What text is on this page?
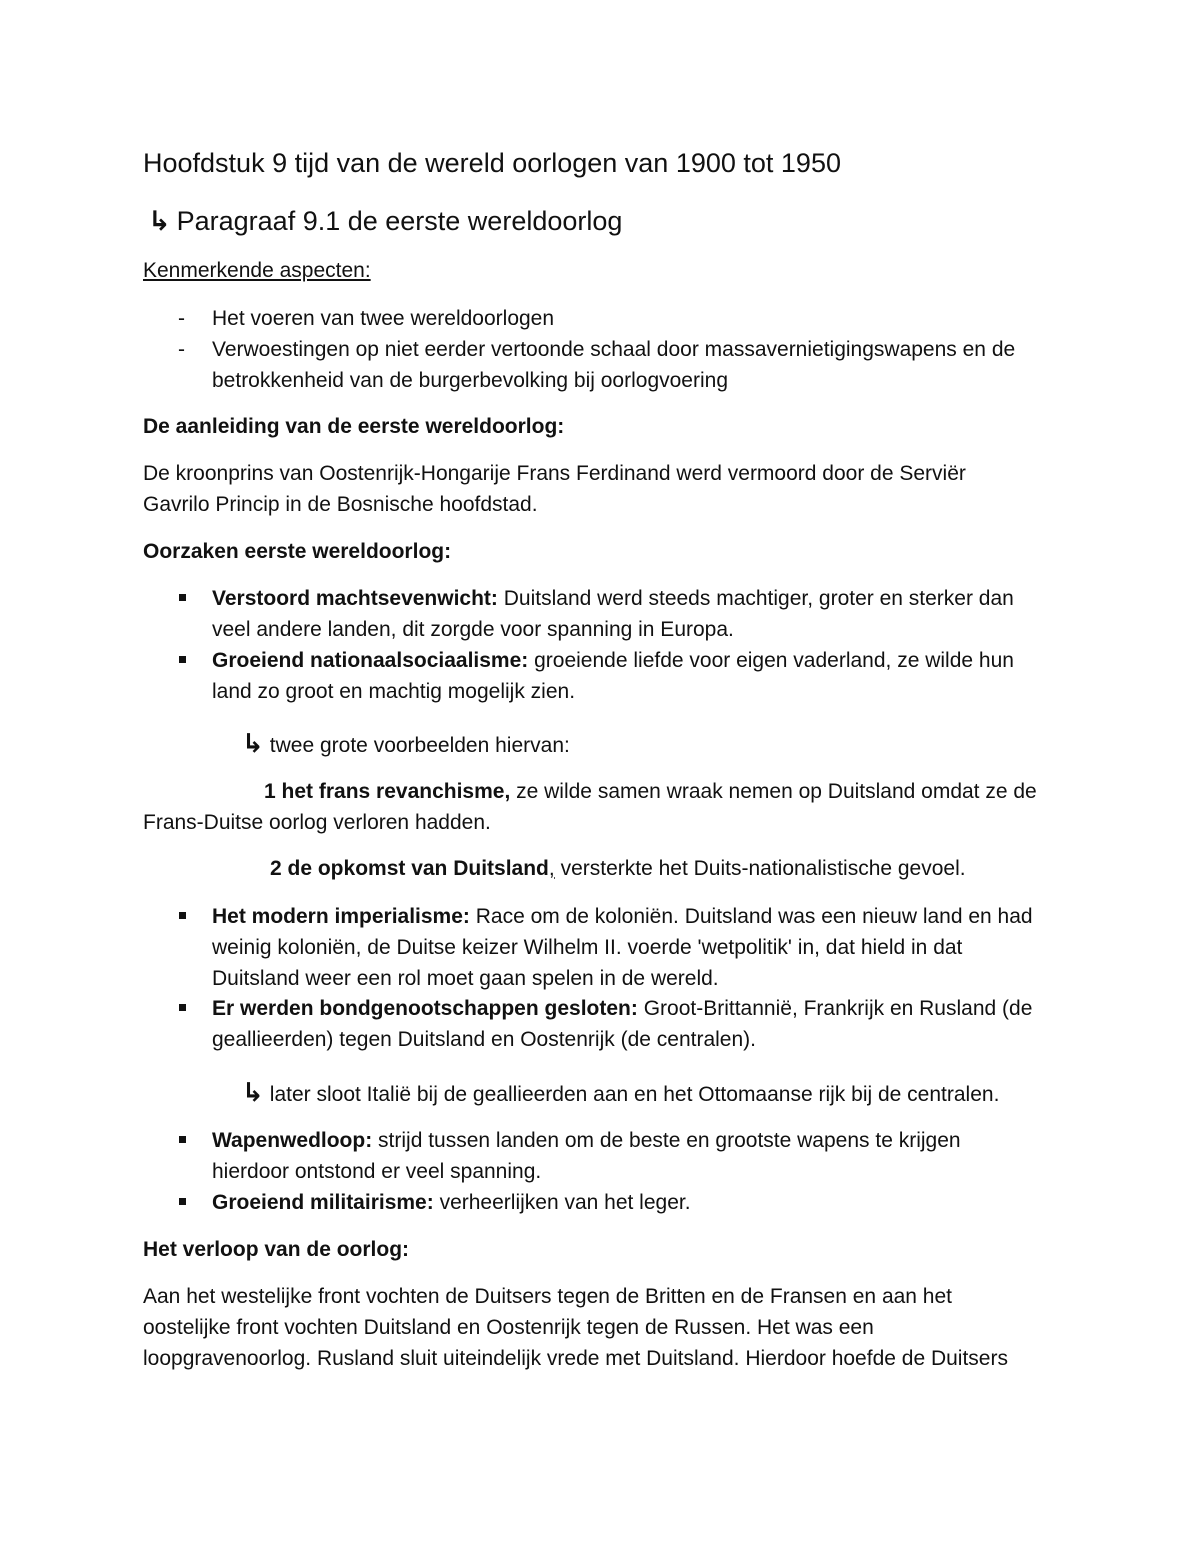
Hoofdstuk 9 tijd van de wereld oorlogen van 1900 tot 1950
↳ Paragraaf 9.1 de eerste wereldoorlog
Kenmerkende aspecten:
- Het voeren van twee wereldoorlogen
- Verwoestingen op niet eerder vertoonde schaal door massavernietigingswapens en de
betrokkenheid van de burgerbevolking bij oorlogvoering
De aanleiding van de eerste wereldoorlog:
De kroonprins van Oostenrijk-Hongarije Frans Ferdinand werd vermoord door de Serviër
Gavrilo Princip in de Bosnische hoofdstad.
Oorzaken eerste wereldoorlog:
Verstoord machtsevenwicht: Duitsland werd steeds machtiger, groter en sterker dan
veel andere landen, dit zorgde voor spanning in Europa.
Groeiend nationaalsociaalisme: groeiende liefde voor eigen vaderland, ze wilde hun
land zo groot en machtig mogelijk zien.
↳ twee grote voorbeelden hiervan:
1 het frans revanchisme, ze wilde samen wraak nemen op Duitsland omdat ze de
Frans-Duitse oorlog verloren hadden.
2 de opkomst van Duitsland, versterkte het Duits-nationalistische gevoel.
Het modern imperialisme: Race om de koloniën. Duitsland was een nieuw land en had
weinig koloniën, de Duitse keizer Wilhelm II. voerde 'wetpolitik' in, dat hield in dat
Duitsland weer een rol moet gaan spelen in de wereld.
Er werden bondgenootschappen gesloten: Groot-Brittannië, Frankrijk en Rusland (de
geallieerden) tegen Duitsland en Oostenrijk (de centralen).
↳ later sloot Italië bij de geallieerden aan en het Ottomaanse rijk bij de centralen.
Wapenwedloop: strijd tussen landen om de beste en grootste wapens te krijgen
hierdoor ontstond er veel spanning.
Groeiend militairisme: verheerlijken van het leger.
Het verloop van de oorlog:
Aan het westelijke front vochten de Duitsers tegen de Britten en de Fransen en aan het
oostelijke front vochten Duitsland en Oostenrijk tegen de Russen. Het was een
loopgravenoorlog. Rusland sluit uiteindelijk vrede met Duitsland. Hierdoor hoefde de Duitsers
